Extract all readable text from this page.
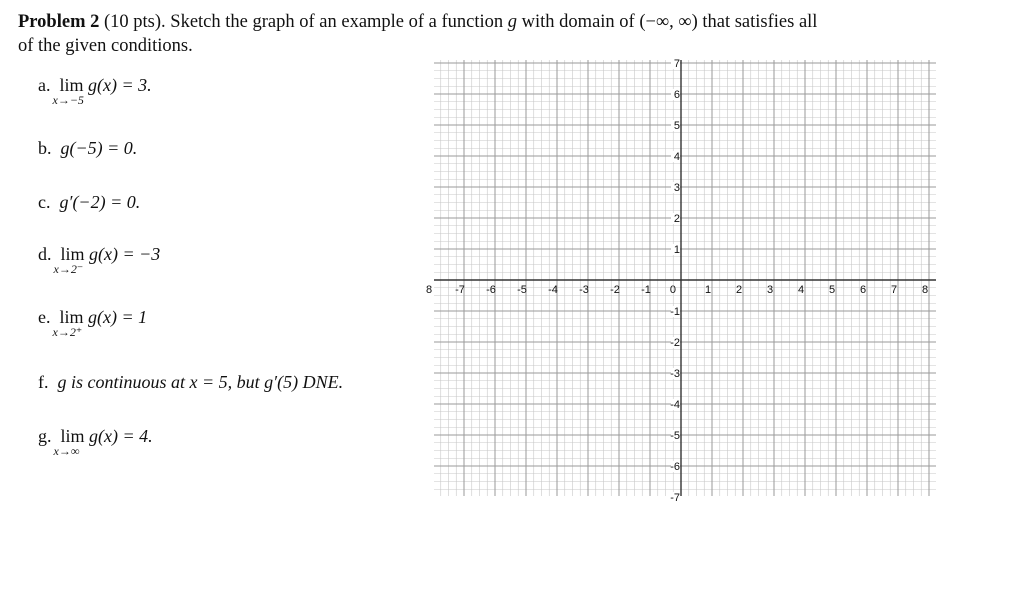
Problem 2 (10 pts). Sketch the graph of an example of a function g with domain of (−∞, ∞) that satisfies all
of the given conditions.
a. lim
x→−5
g(x) = 3.
b. g(−5) = 0.
c. g′(−2) = 0.
d. lim
x→2⁻
g(x) = −3
e. lim
x→2⁺
g(x) = 1
f. g is continuous at x = 5, but g′(5) DNE.
g. lim
x→∞
g(x) = 4.
8 -7 -6 -5 -4 -3 -2 -1 0	1 2 3 4 5 6 7 8
7
6
5
4
3
2
1
-1
-2
-3
-4
-5
-6
-7
